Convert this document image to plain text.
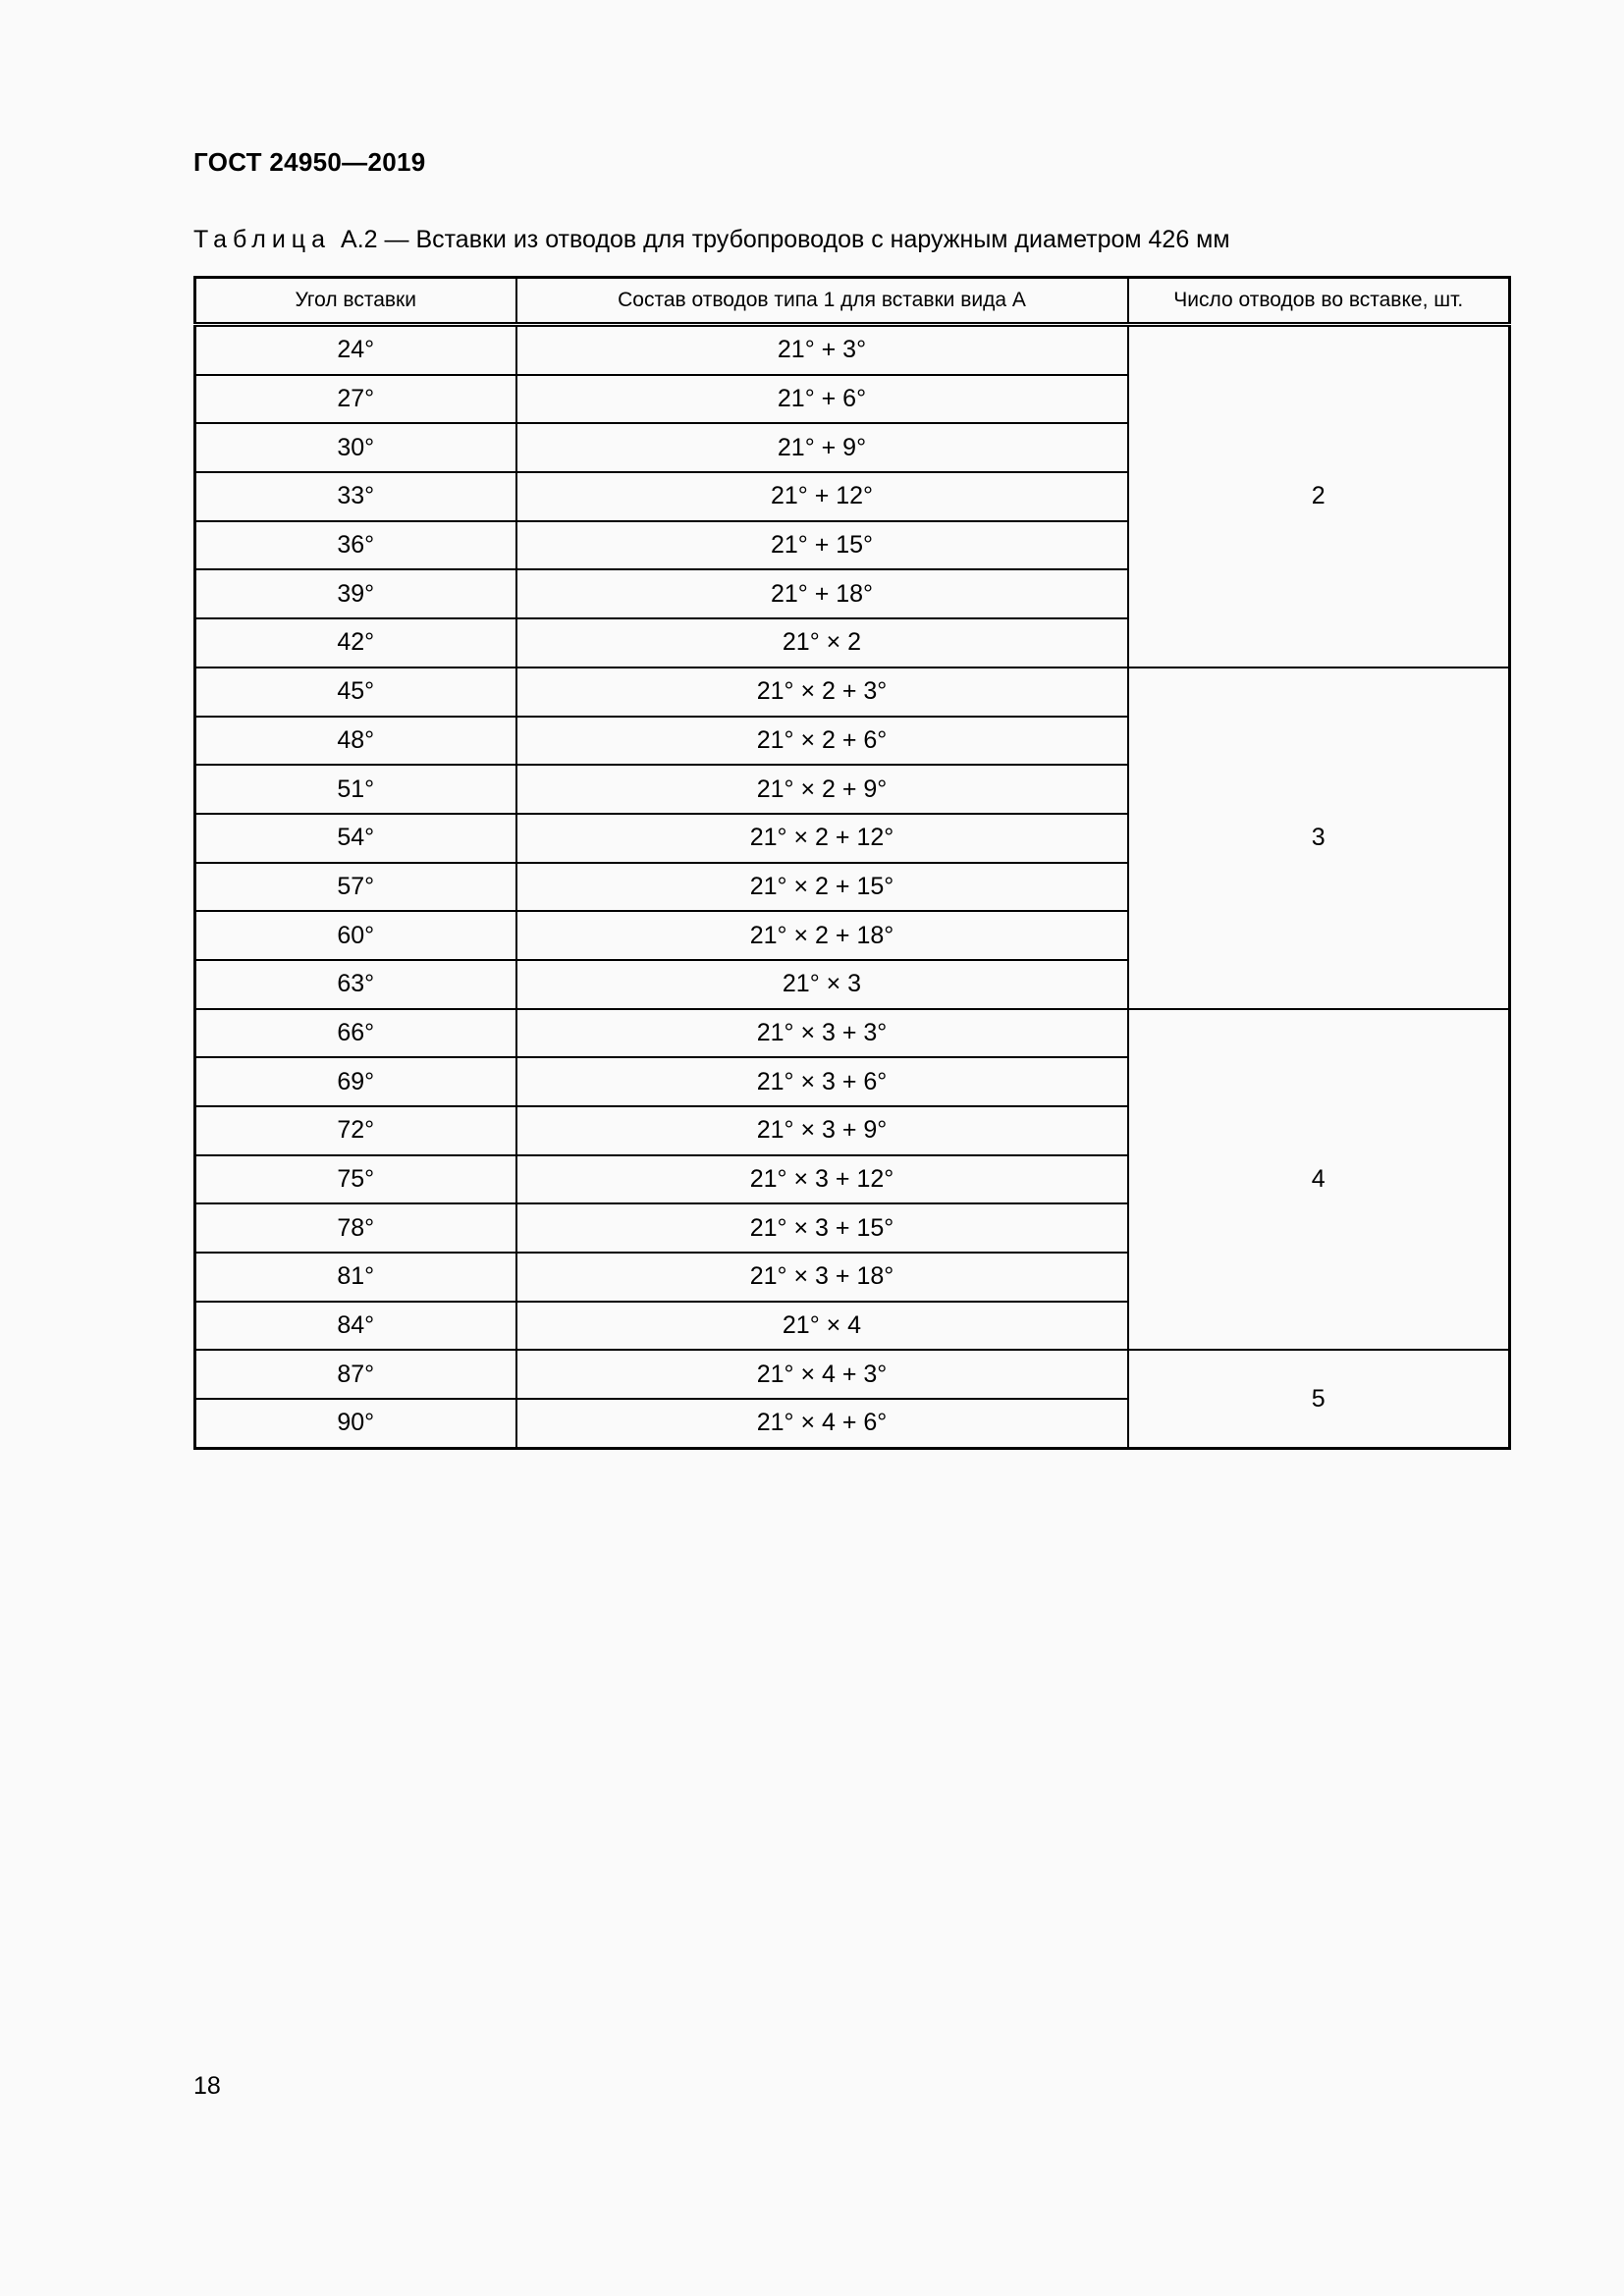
ГОСТ 24950—2019
Таблица А.2 — Вставки из отводов для трубопроводов с наружным диаметром 426 мм
Угол вставки	Состав отводов типа 1 для вставки вида А	Число отводов во вставке, шт.
24°	21° + 3°	2
27°	21° + 6°	
30°	21° + 9°	
33°	21° + 12°	
36°	21° + 15°	
39°	21° + 18°	
42°	21° × 2	
45°	21° × 2 + 3°	3
48°	21° × 2 + 6°	
51°	21° × 2 + 9°	
54°	21° × 2 + 12°	
57°	21° × 2 + 15°	
60°	21° × 2 + 18°	
63°	21° × 3	
66°	21° × 3 + 3°	4
69°	21° × 3 + 6°	
72°	21° × 3 + 9°	
75°	21° × 3 + 12°	
78°	21° × 3 + 15°	
81°	21° × 3 + 18°	
84°	21° × 4	
87°	21° × 4 + 3°	5
90°	21° × 4 + 6°	
18
